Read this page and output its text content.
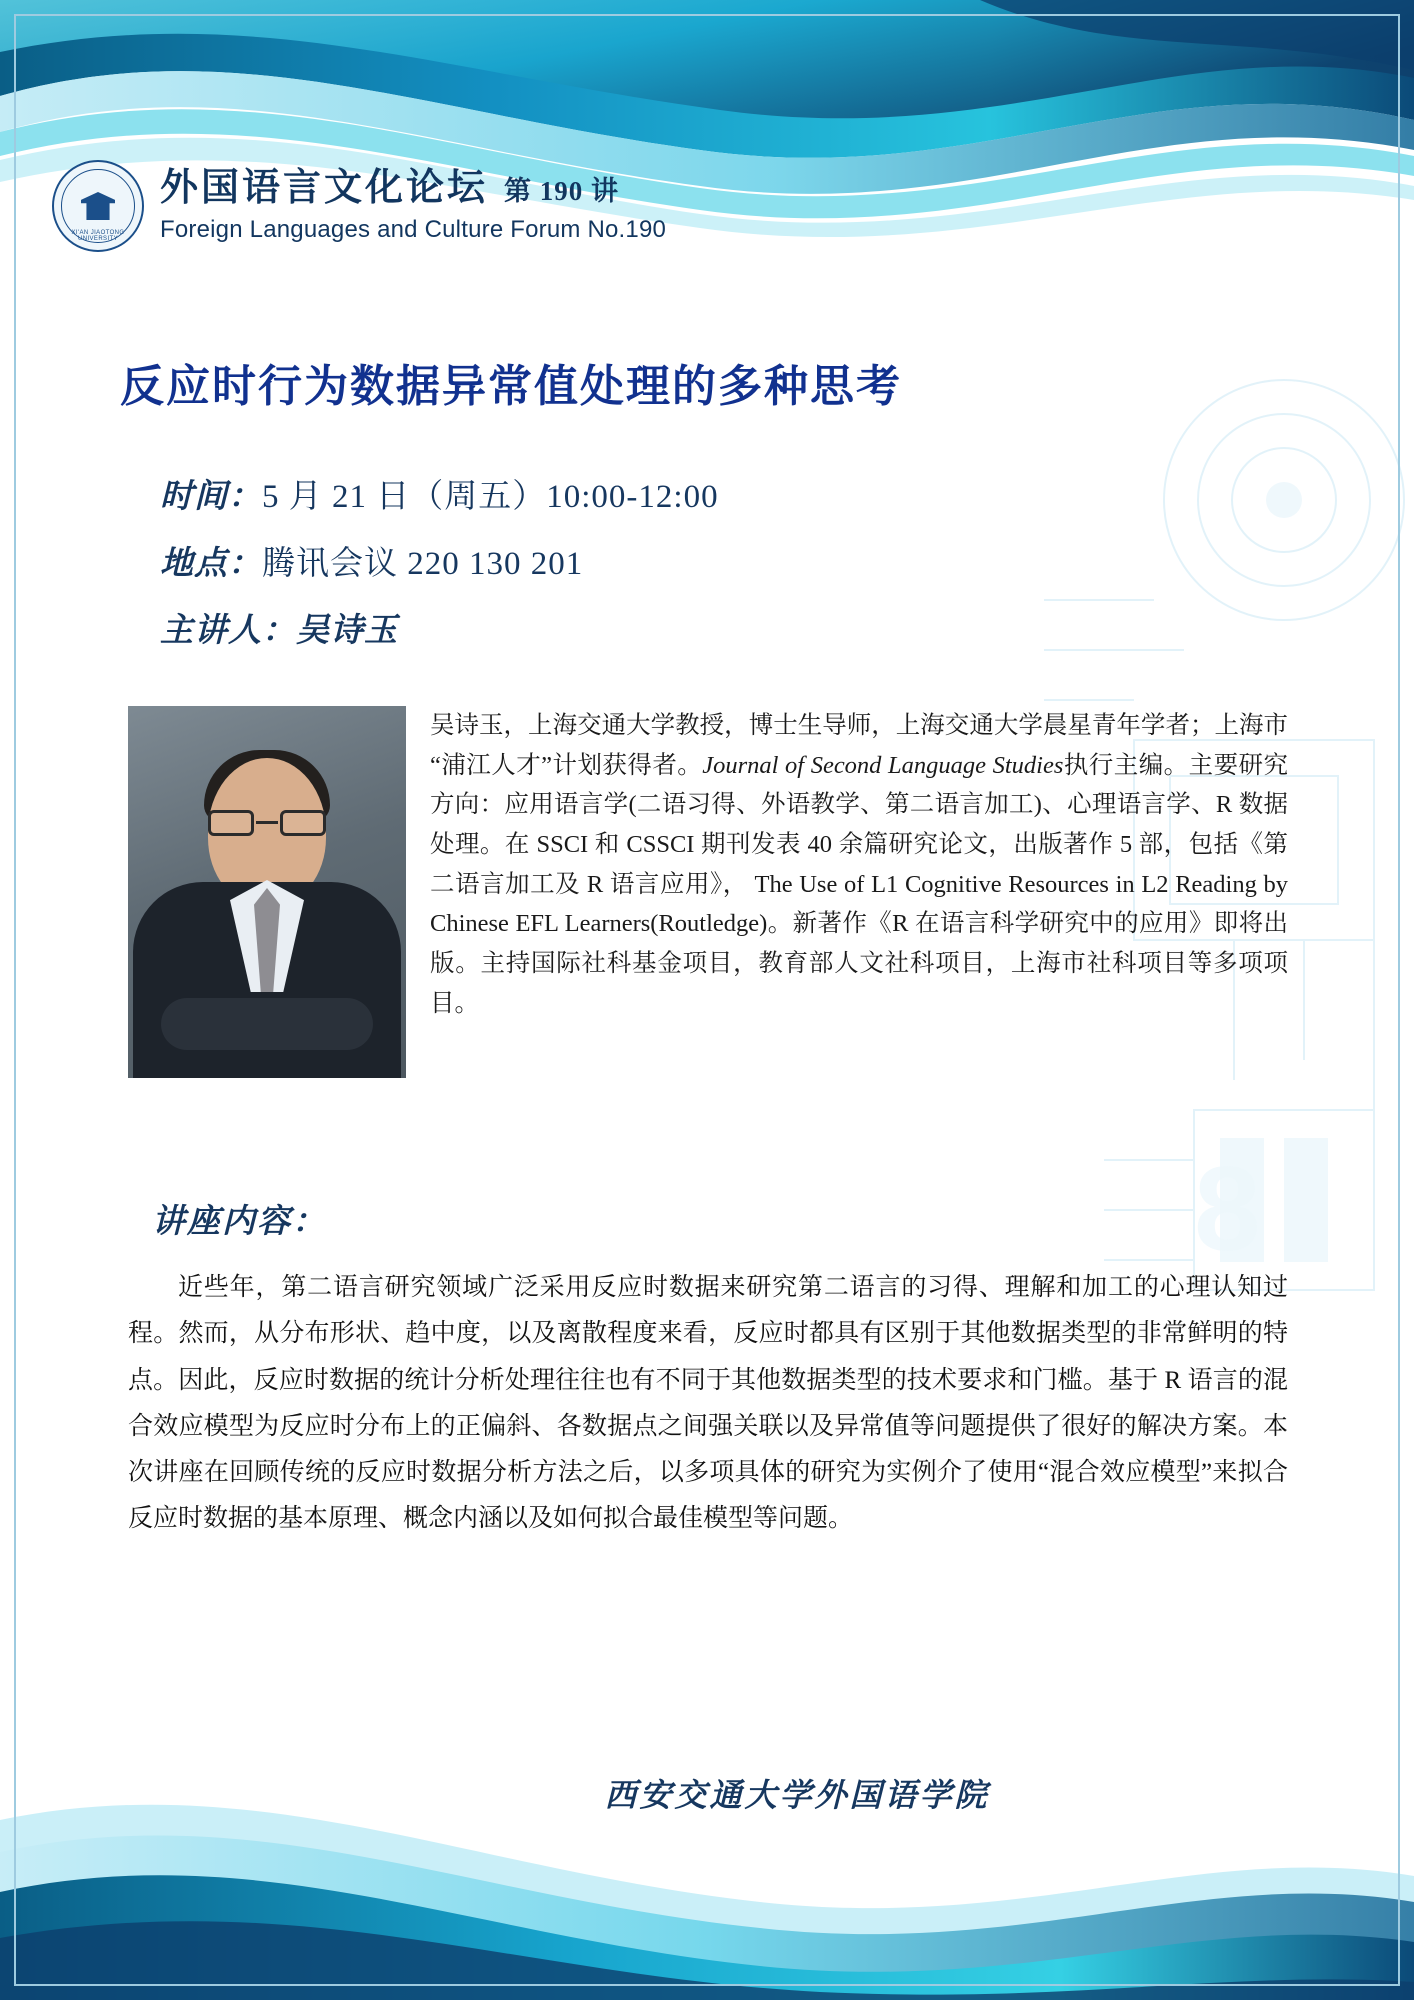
8
XI'AN JIAOTONG UNIVERSITY
外国语言文化论坛 第 190 讲
Foreign Languages and Culture Forum No.190
反应时行为数据异常值处理的多种思考
时间：5 月 21 日（周五）10:00-12:00
地点：腾讯会议 220 130 201
主讲人：吴诗玉
吴诗玉，上海交通大学教授，博士生导师，上海交通大学晨星青年学者；上海市“浦江人才”计划获得者。Journal of Second Language Studies执行主编。主要研究方向：应用语言学(二语习得、外语教学、第二语言加工)、心理语言学、R 数据处理。在 SSCI 和 CSSCI 期刊发表 40 余篇研究论文，出版著作 5 部，包括《第二语言加工及 R 语言应用》， The Use of L1 Cognitive Resources in L2 Reading by Chinese EFL Learners(Routledge)。新著作《R 在语言科学研究中的应用》即将出版。主持国际社科基金项目，教育部人文社科项目，上海市社科项目等多项项目。
讲座内容：
近些年，第二语言研究领域广泛采用反应时数据来研究第二语言的习得、理解和加工的心理认知过程。然而，从分布形状、趋中度，以及离散程度来看，反应时都具有区别于其他数据类型的非常鲜明的特点。因此，反应时数据的统计分析处理往往也有不同于其他数据类型的技术要求和门槛。基于 R 语言的混合效应模型为反应时分布上的正偏斜、各数据点之间强关联以及异常值等问题提供了很好的解决方案。本次讲座在回顾传统的反应时数据分析方法之后，以多项具体的研究为实例介了使用“混合效应模型”来拟合反应时数据的基本原理、概念内涵以及如何拟合最佳模型等问题。
西安交通大学外国语学院
